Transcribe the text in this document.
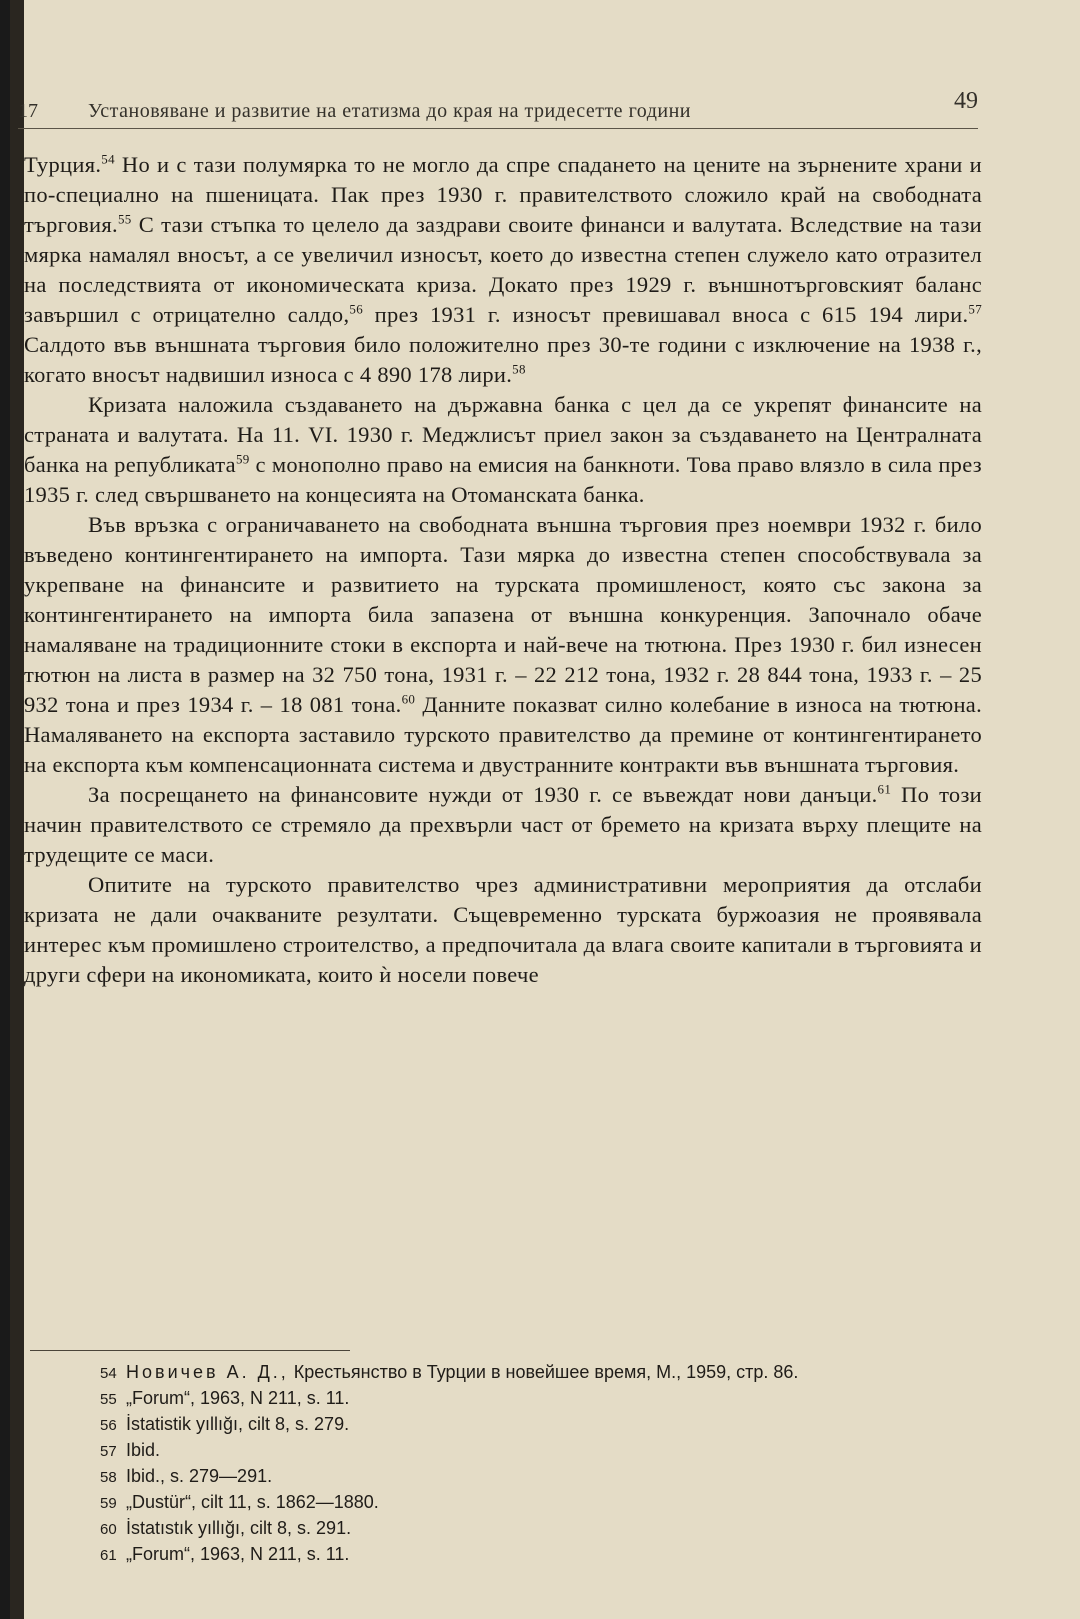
17	Установяване и развитие на етатизма до края на тридесетте години	49

Турция.$^{54}$ Но и с тази полумярка то не могло да спре спадането на цените на зърнените храни и по-специално на пшеницата. Пак през 1930 г. правителството сложило край на свободната търговия.$^{55}$ С тази стъпка то целело да заздрави своите финанси и валутата. Вследствие на тази мярка намалял вносът, а се увеличил износът, което до известна степен служело като отразител на последствията от икономическата криза. Докато през 1929 г. външнотърговският баланс завършил с отрицателно салдо,$^{56}$ през 1931 г. износът превишавал вноса с 615 194 лири.$^{57}$ Салдото във външната търговия било положително през 30-те години с изключение на 1938 г., когато вносът надвишил износа с 4 890 178 лири.$^{58}$

Кризата наложила създаването на държавна банка с цел да се укрепят финансите на страната и валутата. На 11. VI. 1930 г. Меджлисът приел закон за създаването на Централната банка на републиката$^{59}$ с монополно право на емисия на банкноти. Това право влязло в сила през 1935 г. след свършването на концесията на Отоманската банка.

Във връзка с ограничаването на свободната външна търговия през ноември 1932 г. било въведено контингентирането на импорта. Тази мярка до известна степен способствувала за укрепване на финансите и развитието на турската промишленост, която със закона за контингентирането на импорта била запазена от външна конкуренция. Започнало обаче намаляване на традиционните стоки в експорта и най-вече на тютюна. През 1930 г. бил изнесен тютюн на листа в размер на 32 750 тона, 1931 г. – 22 212 тона, 1932 г. 28 844 тона, 1933 г. – 25 932 тона и през 1934 г. – 18 081 тона.$^{60}$ Данните показват силно колебание в износа на тютюна. Намаляването на експорта заставило турското правителство да премине от контингентирането на експорта към компенсационната система и двустранните контракти във външната търговия.

За посрещането на финансовите нужди от 1930 г. се въвеждат нови данъци.$^{61}$ По този начин правителството се стремяло да прехвърли част от бремето на кризата върху плещите на трудещите се маси.

Опитите на турското правителство чрез административни мероприятия да отслаби кризата не дали очакваните резултати. Същевременно турската буржоазия не проявявала интерес към промишлено строителство, а предпочитала да влага своите капитали в търговията и други сфери на икономиката, които ѝ носели повече

54 Новичев А. Д., Крестьянство в Турции в новейшее время, М., 1959, стр. 86.

55 „Forum“, 1963, N 211, s. 11.

56 İstatistik yıllığı, cilt 8, s. 279.

57 Ibid.

58 Ibid., s. 279—291.

59 „Dustür“, cilt 11, s. 1862—1880.

60 İstatıstık yıllığı, cilt 8, s. 291.

61 „Forum“, 1963, N 211, s. 11.
